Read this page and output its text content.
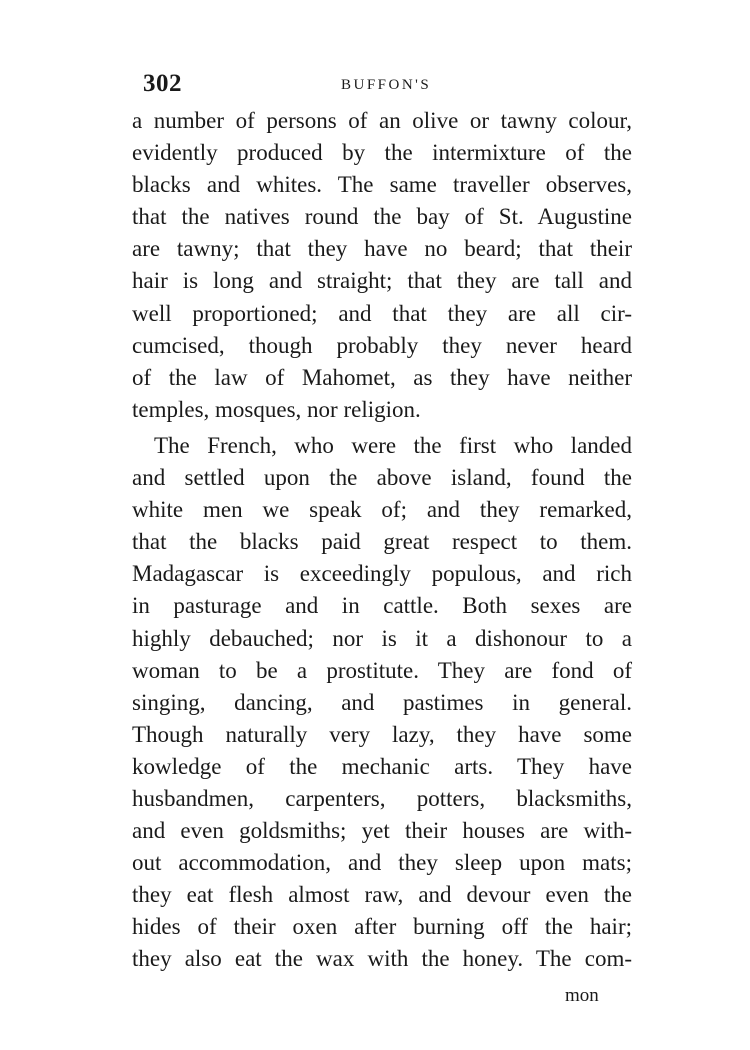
302	BUFFON'S
a number of persons of an olive or tawny colour,
evidently produced by the intermixture of the
blacks and whites. The same traveller observes,
that the natives round the bay of St. Augustine
are tawny; that they have no beard; that their
hair is long and straight; that they are tall and
well proportioned; and that they are all cir-
cumcised, though probably they never heard
of the law of Mahomet, as they have neither
temples, mosques, nor religion.
The French, who were the first who landed
and settled upon the above island, found the
white men we speak of; and they remarked,
that the blacks paid great respect to them.
Madagascar is exceedingly populous, and rich
in pasturage and in cattle. Both sexes are
highly debauched; nor is it a dishonour to a
woman to be a prostitute. They are fond of
singing, dancing, and pastimes in general.
Though naturally very lazy, they have some
kowledge of the mechanic arts. They have
husbandmen, carpenters, potters, blacksmiths,
and even goldsmiths; yet their houses are with-
out accommodation, and they sleep upon mats;
they eat flesh almost raw, and devour even the
hides of their oxen after burning off the hair;
they also eat the wax with the honey. The com-
mon
